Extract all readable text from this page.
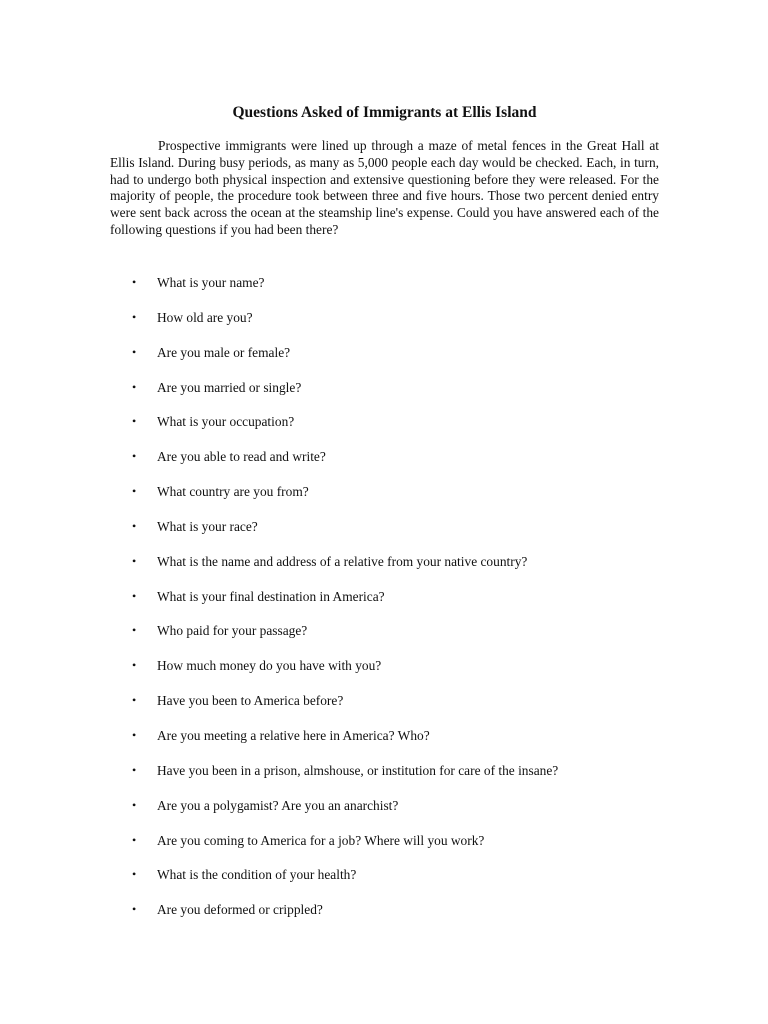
Questions Asked of Immigrants at Ellis Island

Prospective immigrants were lined up through a maze of metal fences in the Great Hall at Ellis Island. During busy periods, as many as 5,000 people each day would be checked. Each, in turn, had to undergo both physical inspection and extensive questioning before they were released. For the majority of people, the procedure took between three and five hours. Those two percent denied entry were sent back across the ocean at the steamship line's expense. Could you have answered each of the following questions if you had been there?

•	What is your name?
•	How old are you?
•	Are you male or female?
•	Are you married or single?
•	What is your occupation?
•	Are you able to read and write?
•	What country are you from?
•	What is your race?
•	What is the name and address of a relative from your native country?
•	What is your final destination in America?
•	Who paid for your passage?
•	How much money do you have with you?
•	Have you been to America before?
•	Are you meeting a relative here in America? Who?
•	Have you been in a prison, almshouse, or institution for care of the insane?
•	Are you a polygamist? Are you an anarchist?
•	Are you coming to America for a job? Where will you work?
•	What is the condition of your health?
•	Are you deformed or crippled?
